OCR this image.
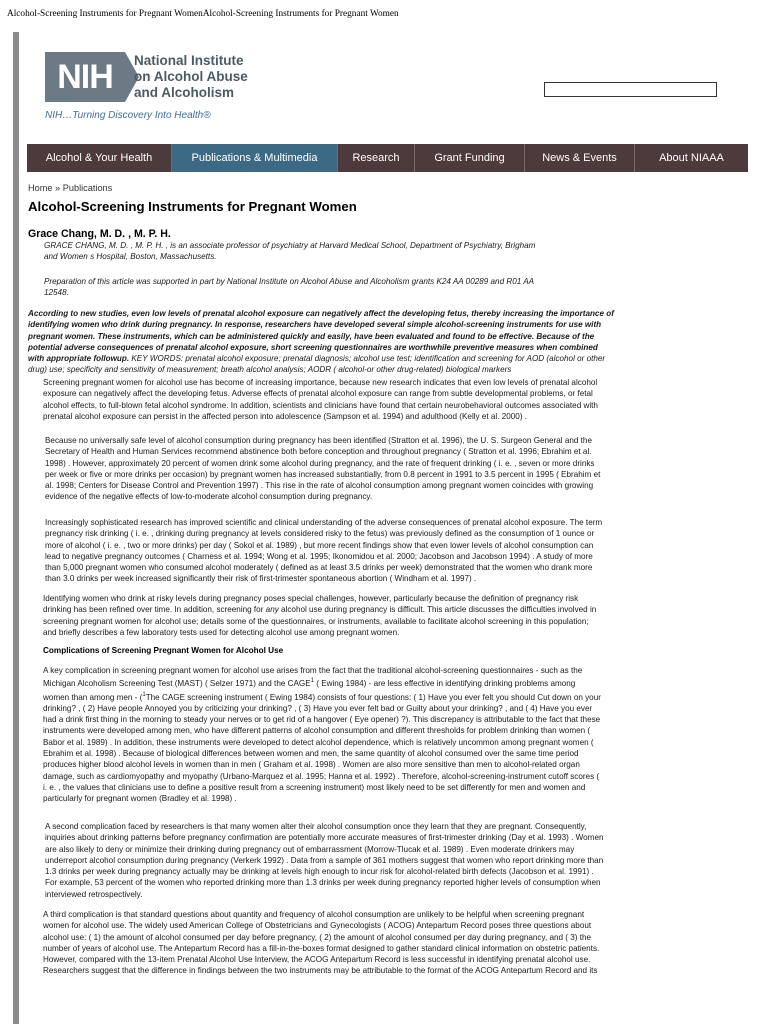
Alcohol-Screening Instruments for Pregnant WomenAlcohol-Screening Instruments for Pregnant Women
NIH	National Institute
on Alcohol Abuse
and Alcoholism
NIH…Turning Discovery Into Health®
Alcohol & Your Health	Publications & Multimedia	Research	Grant Funding	News & Events	About NIAAA
Home » Publications
Alcohol-Screening Instruments for Pregnant Women
Grace Chang, M. D. , M. P. H.
GRACE CHANG, M. D. , M. P. H. , is an associate professor of psychiatry at Harvard Medical School, Department of Psychiatry, Brigham
and Women s Hospital, Boston, Massachusetts.
Preparation of this article was supported in part by National Institute on Alcohol Abuse and Alcoholism grants K24 AA 00289 and R01 AA
12548.
According to new studies, even low levels of prenatal alcohol exposure can negatively affect the developing fetus, thereby increasing the importance of
identifying women who drink during pregnancy. In response, researchers have developed several simple alcohol-screening instruments for use with
pregnant women. These instruments, which can be administered quickly and easily, have been evaluated and found to be effective. Because of the
potential adverse consequences of prenatal alcohol exposure, short screening questionnaires are worthwhile preventive measures when combined
with appropriate followup. KEY WORDS: prenatal alcohol exposure; prenatal diagnosis; alcohol use test; identification and screening for AOD (alcohol or other
drug) use; specificity and sensitivity of measurement; breath alcohol analysis; AODR ( alcohol-or other drug-related) biological markers
Screening pregnant women for alcohol use has become of increasing importance, because new research indicates that even low levels of prenatal alcohol
exposure can negatively affect the developing fetus. Adverse effects of prenatal alcohol exposure can range from subtle developmental problems, or fetal
alcohol effects, to full-blown fetal alcohol syndrome. In addition, scientists and clinicians have found that certain neurobehavioral outcomes associated with
prenatal alcohol exposure can persist in the affected person into adolescence (Sampson et al. 1994) and adulthood (Kelly et al. 2000) .
Because no universally safe level of alcohol consumption during pregnancy has been identified (Stratton et al. 1996), the U. S. Surgeon General and the
Secretary of Health and Human Services recommend abstinence both before conception and throughout pregnancy ( Stratton et al. 1996; Ebrahim et al.
1998) . However, approximately 20 percent of women drink some alcohol during pregnancy, and the rate of frequent drinking ( i. e. , seven or more drinks
per week or five or more drinks per occasion) by pregnant women has increased substantially, from 0.8 percent in 1991 to 3.5 percent in 1995 ( Ebrahim et
al. 1998; Centers for Disease Control and Prevention 1997) . This rise in the rate of alcohol consumption among pregnant women coincides with growing
evidence of the negative effects of low-to-moderate alcohol consumption during pregnancy.
Increasingly sophisticated research has improved scientific and clinical understanding of the adverse consequences of prenatal alcohol exposure. The term
pregnancy risk drinking ( i. e. , drinking during pregnancy at levels considered risky to the fetus) was previously defined as the consumption of 1 ounce or
more of alcohol ( i. e. , two or more drinks) per day ( Sokol et al. 1989) , but more recent findings show that even lower levels of alcohol consumption can
lead to negative pregnancy outcomes ( Charness et al. 1994; Wong et al. 1995; Ikonomidou et al. 2000; Jacobson and Jacobson 1994) . A study of more
than 5,000 pregnant women who consumed alcohol moderately ( defined as at least 3.5 drinks per week) demonstrated that the women who drank more
than 3.0 drinks per week increased significantly their risk of first-trimester spontaneous abortion ( Windham et al. 1997) .
Identifying women who drink at risky levels during pregnancy poses special challenges, however, particularly because the definition of pregnancy risk
drinking has been refined over time. In addition, screening for any alcohol use during pregnancy is difficult. This article discusses the difficulties involved in
screening pregnant women for alcohol use; details some of the questionnaires, or instruments, available to facilitate alcohol screening in this population;
and briefly describes a few laboratory tests used for detecting alcohol use among pregnant women.
Complications of Screening Pregnant Women for Alcohol Use
A key complication in screening pregnant women for alcohol use arises from the fact that the traditional alcohol-screening questionnaires - such as the
Michigan Alcoholism Screening Test (MAST) ( Selzer 1971) and the CAGE$^1$ ( Ewing 1984) - are less effective in identifying drinking problems among
women than among men - ($^1$The CAGE screening instrument ( Ewing 1984) consists of four questions: ( 1) Have you ever felt you should Cut down on your
drinking? , ( 2) Have people Annoyed you by criticizing your drinking? , ( 3) Have you ever felt bad or Guilty about your drinking? , and ( 4) Have you ever
had a drink first thing in the morning to steady your nerves or to get rid of a hangover ( Eye opener) ?). This discrepancy is attributable to the fact that these
instruments were developed among men, who have different patterns of alcohol consumption and different thresholds for problem drinking than women (
Babor et al. 1989) . In addition, these instruments were developed to detect alcohol dependence, which is relatively uncommon among pregnant women (
Ebrahim et al. 1998) . Because of biological differences between women and men, the same quantity of alcohol consumed over the same time period
produces higher blood alcohol levels in women than in men ( Graham et al. 1998) . Women are also more sensitive than men to alcohol-related organ
damage, such as cardiomyopathy and myopathy (Urbano-Marquez et al. 1995; Hanna et al. 1992) . Therefore, alcohol-screening-instrument cutoff scores (
i. e. , the values that clinicians use to define a positive result from a screening instrument) most likely need to be set differently for men and women and
particularly for pregnant women (Bradley et al. 1998) .
A second complication faced by researchers is that many women alter their alcohol consumption once they learn that they are pregnant. Consequently,
inquiries about drinking patterns before pregnancy confirmation are potentially more accurate measures of first-trimester drinking (Day et al. 1993) . Women
are also likely to deny or minimize their drinking during pregnancy out of embarrassment (Morrow-Tlucak et al. 1989) . Even moderate drinkers may
underreport alcohol consumption during pregnancy (Verkerk 1992) . Data from a sample of 361 mothers suggest that women who report drinking more than
1.3 drinks per week during pregnancy actually may be drinking at levels high enough to incur risk for alcohol-related birth defects (Jacobson et al. 1991) .
For example, 53 percent of the women who reported drinking more than 1.3 drinks per week during pregnancy reported higher levels of consumption when
interviewed retrospectively.
A third complication is that standard questions about quantity and frequency of alcohol consumption are unlikely to be helpful when screening pregnant
women for alcohol use. The widely used American College of Obstetricians and Gynecologists ( ACOG) Antepartum Record poses three questions about
alcohol use: ( 1) the amount of alcohol consumed per day before pregnancy, ( 2) the amount of alcohol consumed per day during pregnancy, and ( 3) the
number of years of alcohol use. The Antepartum Record has a fill-in-the-boxes format designed to gather standard clinical information on obstetric patients.
However, compared with the 13-item Prenatal Alcohol Use Interview, the ACOG Antepartum Record is less successful in identifying prenatal alcohol use.
Researchers suggest that the difference in findings between the two instruments may be attributable to the format of the ACOG Antepartum Record and its
